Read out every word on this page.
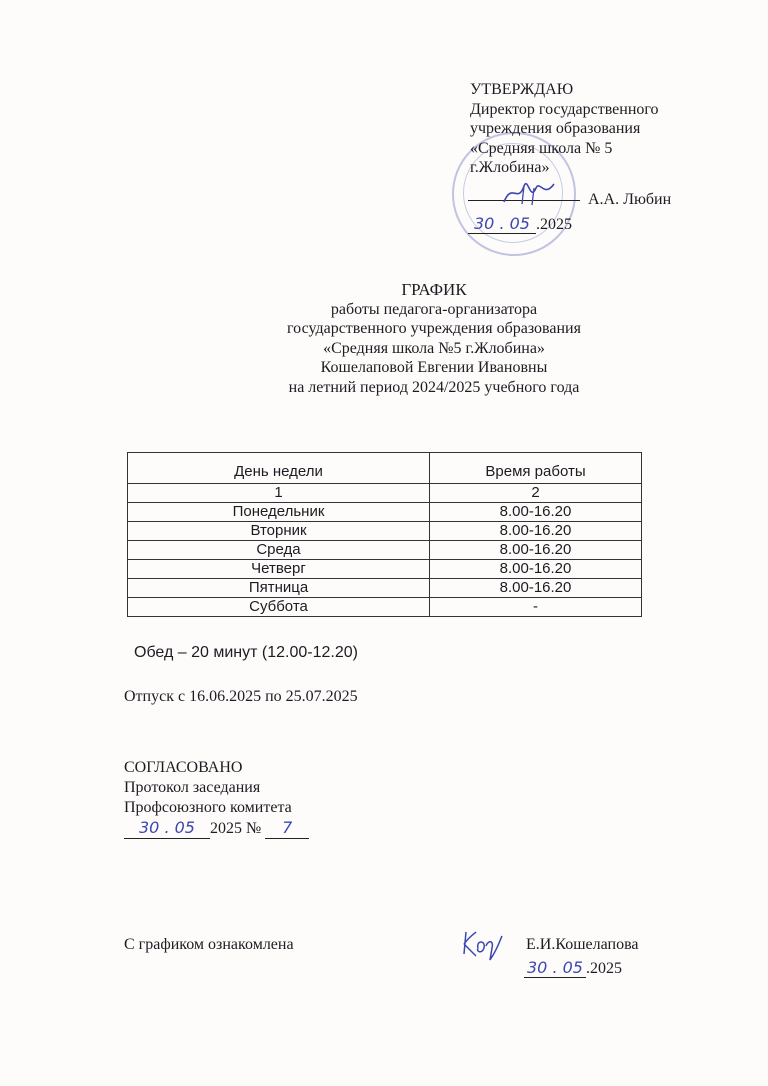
УТВЕРЖДАЮ
Директор государственного
учреждения образования
«Средняя школа № 5
г.Жлобина»
А.А. Любин
30 . 05 .2025
ГРАФИК
работы педагога-организатора
государственного учреждения образования
«Средняя школа №5 г.Жлобина»
Кошелаповой Евгении Ивановны
на летний период 2024/2025 учебного года
День недели	Время работы
1	2
Понедельник	8.00-16.20
Вторник	8.00-16.20
Среда	8.00-16.20
Четверг	8.00-16.20
Пятница	8.00-16.20
Суббота	-
Обед – 20 минут (12.00-12.20)
Отпуск с 16.06.2025 по 25.07.2025
СОГЛАСОВАНО
Протокол заседания
Профсоюзного комитета
30 . 05 2025 № 7
С графиком ознакомлена	Е.И.Кошелапова
30 . 05 .2025
